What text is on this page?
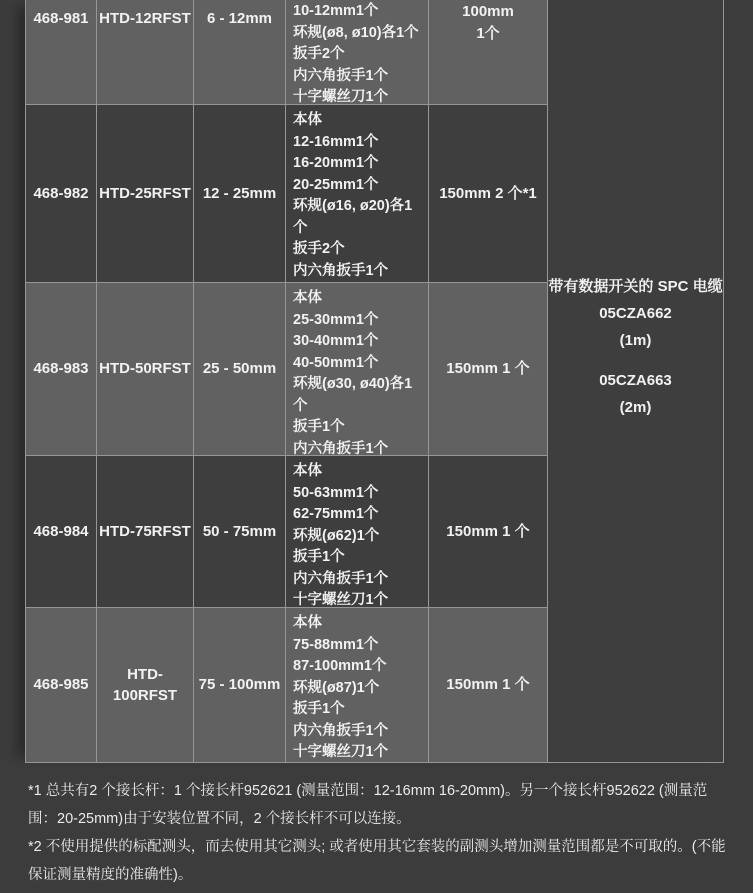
带有数据开关的 SPC 电缆
05CZA662
(1m)
05CZA663
(2m)
468-981 HTD-12RFST	6 - 12mm	10-12mm1个
环规(ø8, ø10)各1个
扳手2个
内六角扳手1个
十字螺丝刀1个
100mm
1个
468-982 HTD-25RFST 12 - 25mm
本体
12-16mm1个
16-20mm1个
20-25mm1个
环规(ø16, ø20)各1个
扳手2个
内六角扳手1个
150mm 2 个*1
468-983 HTD-50RFST 25 - 50mm
本体
25-30mm1个
30-40mm1个
40-50mm1个
环规(ø30, ø40)各1个
扳手1个
内六角扳手1个
150mm 1 个
468-984 HTD-75RFST 50 - 75mm
本体
50-63mm1个
62-75mm1个
环规(ø62)1个
扳手1个
内六角扳手1个
十字螺丝刀1个
150mm 1 个
468-985
HTD-100RFST
75 - 100mm
本体
75-88mm1个
87-100mm1个
环规(ø87)1个
扳手1个
内六角扳手1个
十字螺丝刀1个
150mm 1 个

*1 总共有2 个接长杆：1 个接长杆952621 (测量范围：12-16mm 16-20mm)。另一个接长杆952622 (测量范围：20-25mm)由于安装位置不同，2 个接长杆不可以连接。

*2 不使用提供的标配测头，而去使用其它测头; 或者使用其它套装的副测头增加测量范围都是不可取的。(不能保证测量精度的准确性)。
